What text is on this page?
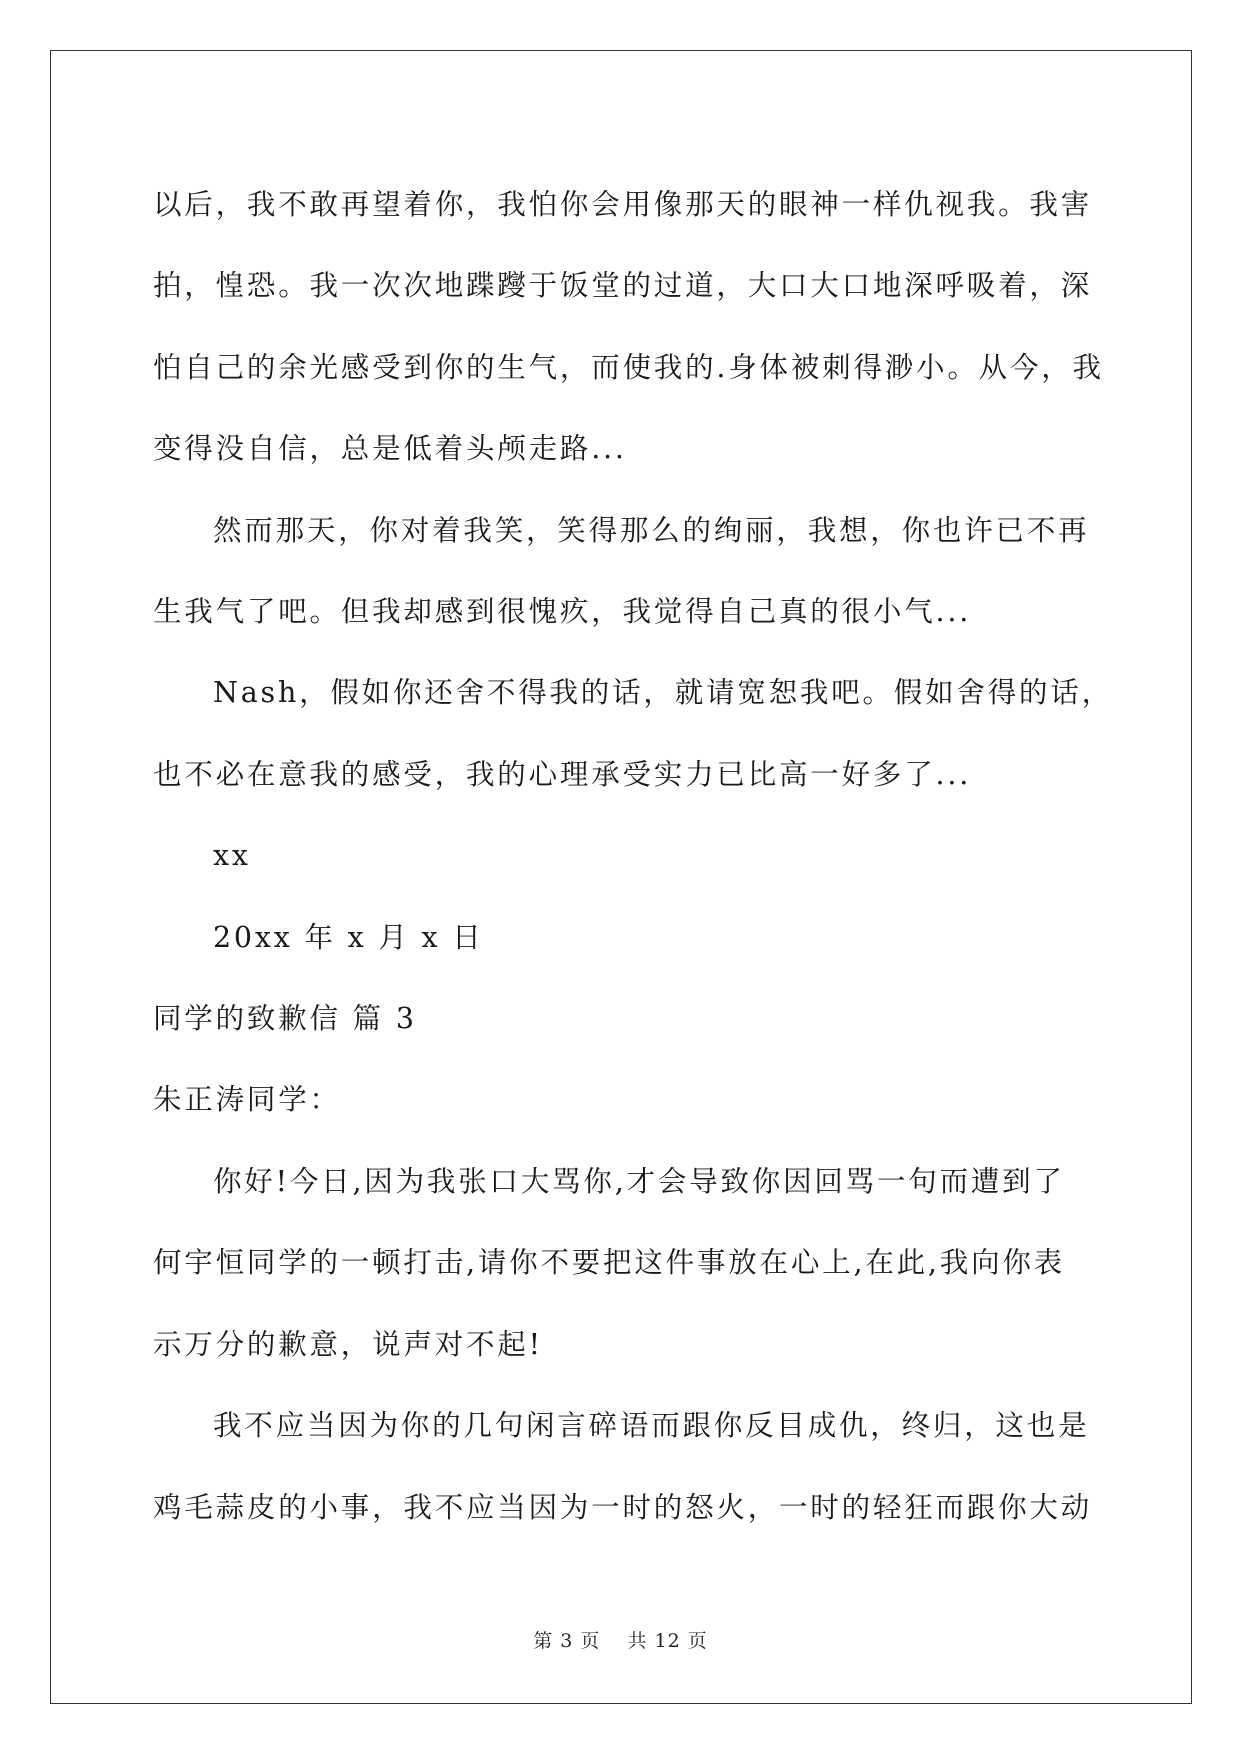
以后，我不敢再望着你，我怕你会用像那天的眼神一样仇视我。我害

拍，惶恐。我一次次地蹀躞于饭堂的过道，大口大口地深呼吸着，深

怕自己的余光感受到你的生气，而使我的.身体被刺得渺小。从今，我

变得没自信，总是低着头颅走路...

然而那天，你对着我笑，笑得那么的绚丽，我想，你也许已不再

生我气了吧。但我却感到很愧疚，我觉得自己真的很小气...

Nash，假如你还舍不得我的话，就请宽恕我吧。假如舍得的话，

也不必在意我的感受，我的心理承受实力已比高一好多了...

xx

20xx 年 x 月 x 日

同学的致歉信 篇 3

朱正涛同学：

你好!今日,因为我张口大骂你,才会导致你因回骂一句而遭到了

何宇恒同学的一顿打击,请你不要把这件事放在心上,在此,我向你表

示万分的歉意，说声对不起!

我不应当因为你的几句闲言碎语而跟你反目成仇，终归，这也是

鸡毛蒜皮的小事，我不应当因为一时的怒火，一时的轻狂而跟你大动

第 3 页　 共 12 页
